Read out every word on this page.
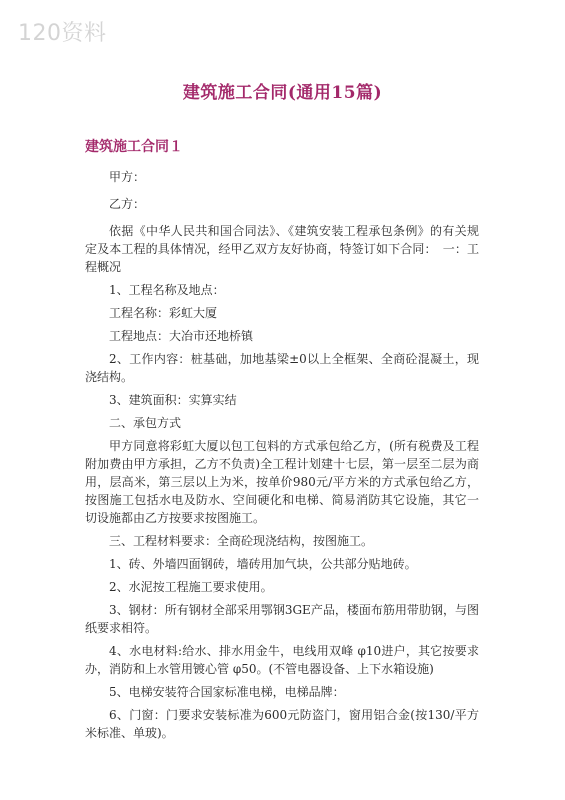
120资料
建筑施工合同(通用15篇)
建筑施工合同１

甲方：

乙方：

依据《中华人民共和国合同法》、《建筑安装工程承包条例》的有关规定及本工程的具体情况，经甲乙双方友好协商，特签订如下合同：　一：工程概况

1、工程名称及地点：

工程名称：彩虹大厦

工程地点：大冶市还地桥镇

2、工作内容：桩基础，加地基梁±0以上全框架、全商砼混凝土，现浇结构。

3、建筑面积：实算实结

二、承包方式

甲方同意将彩虹大厦以包工包料的方式承包给乙方，(所有税费及工程附加费由甲方承担，乙方不负责)全工程计划建十七层，第一层至二层为商用，层高米，第三层以上为米，按单价980元/平方米的方式承包给乙方，按图施工包括水电及防水、空间硬化和电梯、简易消防其它设施，其它一切设施都由乙方按要求按图施工。

三、工程材料要求：全商砼现浇结构，按图施工。

1、砖、外墙四面钢砖，墙砖用加气块，公共部分贴地砖。

2、水泥按工程施工要求使用。

3、钢材：所有钢材全部采用鄂钢3GE产品，楼面布筋用带肋钢，与图纸要求相符。

4、水电材料:给水、排水用金牛，电线用双峰 φ10进户，其它按要求办，消防和上水管用镀心管 φ50。(不管电器设备、上下水箱设施)

5、电梯安装符合国家标准电梯，电梯品牌：

6、门窗：门要求安装标准为600元防盗门，窗用铝合金(按130/平方米标准、单玻)。
